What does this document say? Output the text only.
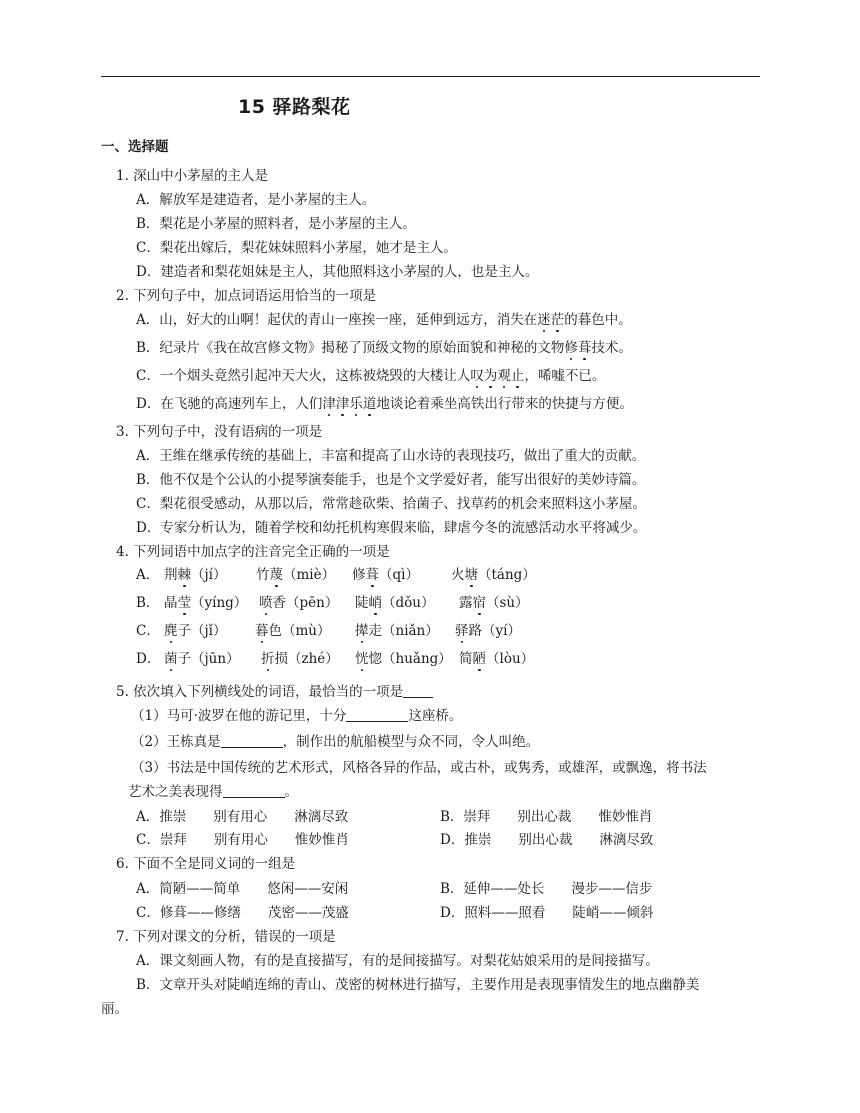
15 驿路梨花
一、选择题
1. 深山中小茅屋的主人是
A．解放军是建造者，是小茅屋的主人。
B．梨花是小茅屋的照料者，是小茅屋的主人。
C．梨花出嫁后，梨花妹妹照料小茅屋，她才是主人。
D．建造者和梨花姐妹是主人，其他照料这小茅屋的人，也是主人。
2. 下列句子中，加点词语运用恰当的一项是
A．山，好大的山啊！起伏的青山一座挨一座，延伸到远方，消失在迷茫的暮色中。
B．纪录片《我在故宫修文物》揭秘了顶级文物的原始面貌和神秘的文物修葺技术。
C．一个烟头竟然引起冲天大火，这栋被烧毁的大楼让人叹为观止，唏嘘不已。
D．在飞驰的高速列车上，人们津津乐道地谈论着乘坐高铁出行带来的快捷与方便。
3. 下列句子中，没有语病的一项是
A．王维在继承传统的基础上，丰富和提高了山水诗的表现技巧，做出了重大的贡献。
B．他不仅是个公认的小提琴演奏能手，也是个文学爱好者，能写出很好的美妙诗篇。
C．梨花很受感动，从那以后，常常趁砍柴、拾菌子、找草药的机会来照料这小茅屋。
D．专家分析认为，随着学校和幼托机构寒假来临，肆虐今冬的流感活动水平将减少。
4. 下列词语中加点字的注音完全正确的一项是
A． 荆棘（jí） 竹蔑（miè） 修葺（qì） 火塘（táng）
B． 晶莹（yíng） 喷香（pēn） 陡峭（dǒu） 露宿（sù）
C． 麂子（jǐ） 暮色（mù） 撵走（niǎn） 驿路（yí）
D． 菌子（jūn） 折损（zhé） 恍惚（huǎng） 简陋（lòu）
5. 依次填入下列横线处的词语，最恰当的一项是
（1）马可·波罗在他的游记里，十分	这座桥。
（2）王栋真是	，制作出的航船模型与众不同，令人叫绝。
（3）书法是中国传统的艺术形式，风格各异的作品，或古朴，或隽秀，或雄浑，或飘逸，将书法
艺术之美表现得	。
A．推崇　　别有用心　　淋漓尽致	B．崇拜　　别出心裁　　惟妙惟肖
C．崇拜　　别有用心　　惟妙惟肖	D．推崇　　别出心裁　　淋漓尽致
6. 下面不全是同义词的一组是
A．简陋——简单　　悠闲——安闲	B．延伸——处长　　漫步——信步
C．修葺——修缮　　茂密——茂盛	D．照料——照看　　陡峭——倾斜
7. 下列对课文的分析，错误的一项是
A．课文刻画人物，有的是直接描写，有的是间接描写。对梨花姑娘采用的是间接描写。
B．文章开头对陡峭连绵的青山、茂密的树林进行描写，主要作用是表现事情发生的地点幽静美
丽。
